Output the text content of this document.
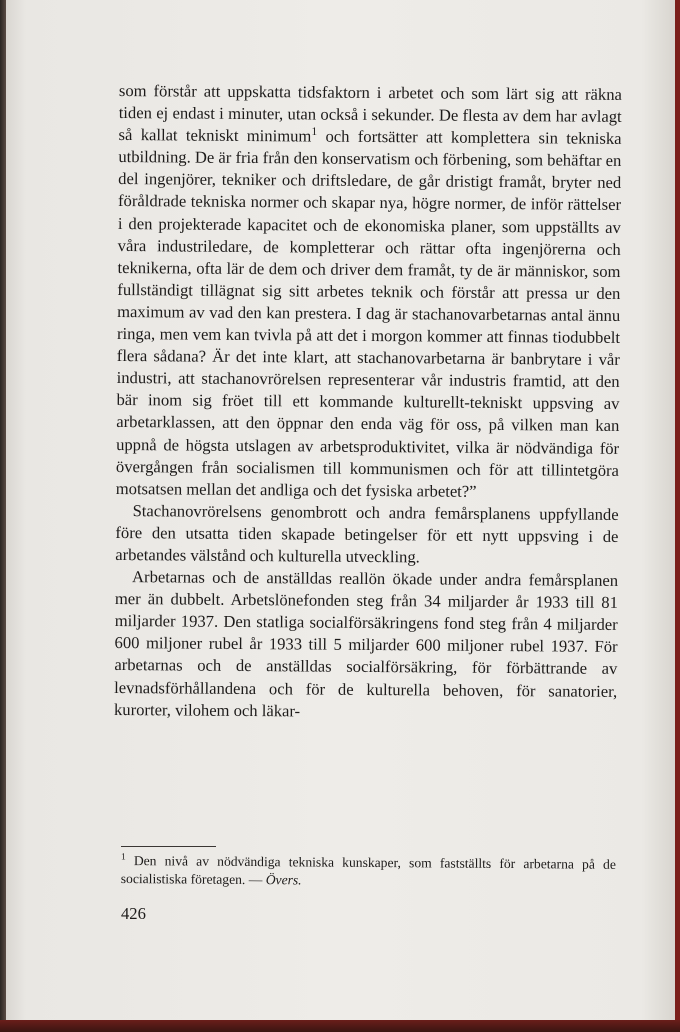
som förstår att uppskatta tidsfaktorn i arbetet och som lärt sig att räkna tiden ej endast i minuter, utan också i sekunder. De flesta av dem har avlagt så kallat tekniskt minimum$^1$ och fortsätter att komplettera sin tekniska utbildning. De är fria från den konservatism och förbening, som behäftar en del ingenjörer, tekniker och driftsledare, de går dristigt framåt, bryter ned föråldrade tekniska normer och skapar nya, högre normer, de inför rättelser i den projekterade kapacitet och de ekonomiska planer, som uppställts av våra industriledare, de kompletterar och rättar ofta ingenjörerna och teknikerna, ofta lär de dem och driver dem framåt, ty de är människor, som fullständigt tillägnat sig sitt arbetes teknik och förstår att pressa ur den maximum av vad den kan prestera. I dag är stachanovarbetarnas antal ännu ringa, men vem kan tvivla på att det i morgon kommer att finnas tiodubbelt flera sådana? Är det inte klart, att stachanovarbetarna är banbrytare i vår industri, att stachanovrörelsen representerar vår industris framtid, att den bär inom sig fröet till ett kommande kulturellt-tekniskt uppsving av arbetarklassen, att den öppnar den enda väg för oss, på vilken man kan uppnå de högsta utslagen av arbetsproduktivitet, vilka är nödvändiga för övergången från socialismen till kommunismen och för att tillintetgöra motsatsen mellan det andliga och det fysiska arbetet?”

Stachanovrörelsens genombrott och andra femårsplanens uppfyllande före den utsatta tiden skapade betingelser för ett nytt uppsving i de arbetandes välstånd och kulturella utveckling.

Arbetarnas och de anställdas reallön ökade under andra femårsplanen mer än dubbelt. Arbetslönefonden steg från 34 miljarder år 1933 till 81 miljarder 1937. Den statliga socialförsäkringens fond steg från 4 miljarder 600 miljoner rubel år 1933 till 5 miljarder 600 miljoner rubel 1937. För arbetarnas och de anställdas socialförsäkring, för förbättrande av levnadsförhållandena och för de kulturella behoven, för sanatorier, kurorter, vilohem och läkar-

$^1$ Den nivå av nödvändiga tekniska kunskaper, som fastställts för arbetarna på de socialistiska företagen. — Övers.
426
